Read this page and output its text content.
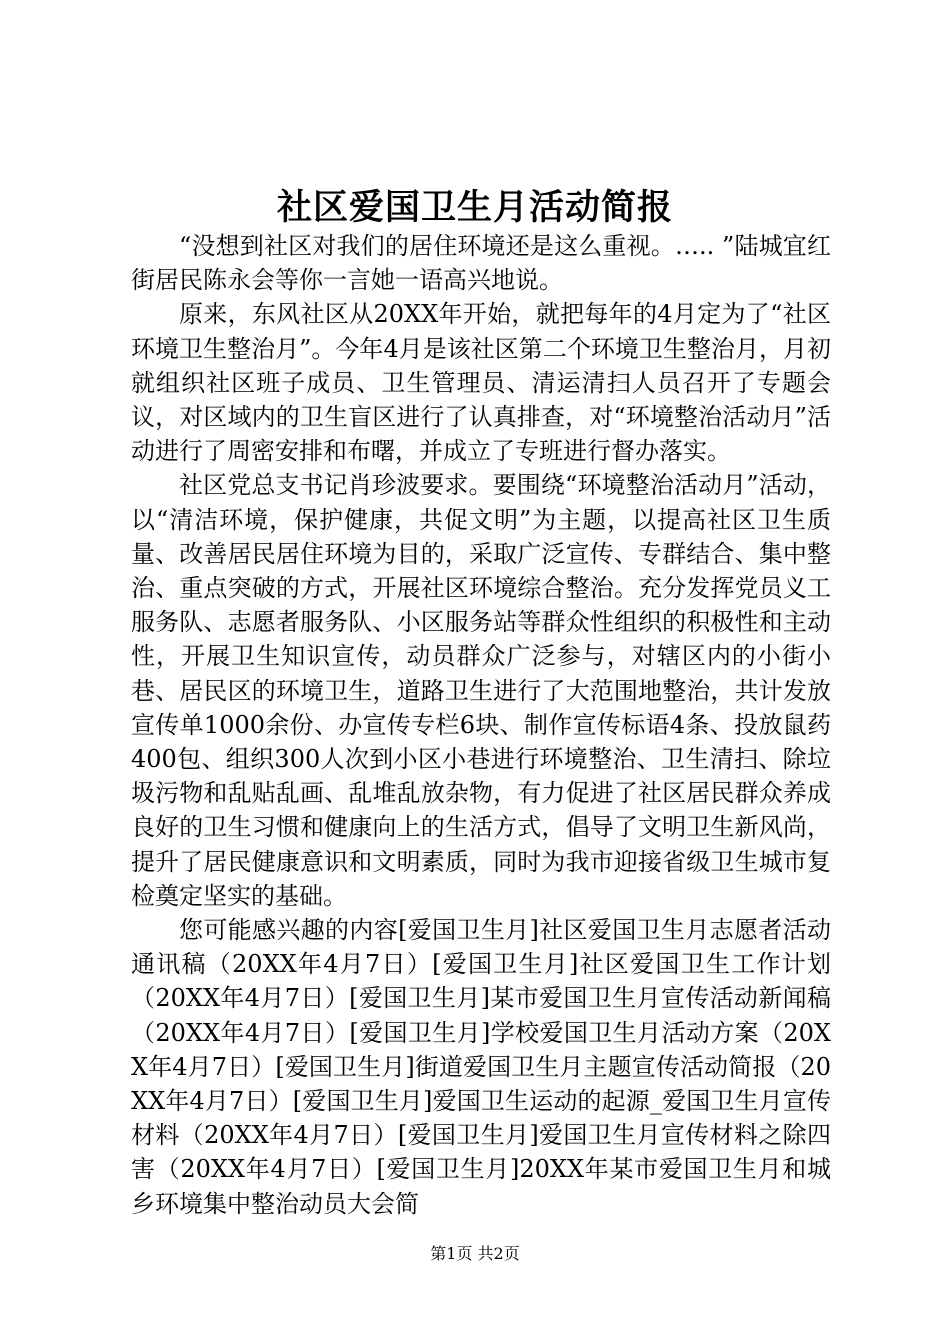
社区爱国卫生月活动简报

“没想到社区对我们的居住环境还是这么重视。….. ”陆城宜红街居民陈永会等你一言她一语高兴地说。

原来，东风社区从20XX年开始，就把每年的4月定为了“社区环境卫生整治月”。今年4月是该社区第二个环境卫生整治月，月初就组织社区班子成员、卫生管理员、清运清扫人员召开了专题会议，对区域内的卫生盲区进行了认真排查，对“环境整治活动月”活动进行了周密安排和布曙，并成立了专班进行督办落实。

社区党总支书记肖珍波要求。要围绕“环境整治活动月”活动，以“清洁环境，保护健康，共促文明”为主题，以提高社区卫生质量、改善居民居住环境为目的，采取广泛宣传、专群结合、集中整治、重点突破的方式，开展社区环境综合整治。充分发挥党员义工服务队、志愿者服务队、小区服务站等群众性组织的积极性和主动性，开展卫生知识宣传，动员群众广泛参与，对辖区内的小街小巷、居民区的环境卫生，道路卫生进行了大范围地整治，共计发放宣传单1000余份、办宣传专栏6块、制作宣传标语4条、投放鼠药400包、组织300人次到小区小巷进行环境整治、卫生清扫、除垃圾污物和乱贴乱画、乱堆乱放杂物，有力促进了社区居民群众养成良好的卫生习惯和健康向上的生活方式，倡导了文明卫生新风尚，提升了居民健康意识和文明素质，同时为我市迎接省级卫生城市复检奠定坚实的基础。

您可能感兴趣的内容[爱国卫生月]社区爱国卫生月志愿者活动通讯稿（20XX年4月7日）[爱国卫生月]社区爱国卫生工作计划（20XX年4月7日）[爱国卫生月]某市爱国卫生月宣传活动新闻稿（20XX年4月7日）[爱国卫生月]学校爱国卫生月活动方案（20XX年4月7日）[爱国卫生月]街道爱国卫生月主题宣传活动简报（20XX年4月7日）[爱国卫生月]爱国卫生运动的起源_爱国卫生月宣传材料（20XX年4月7日）[爱国卫生月]爱国卫生月宣传材料之除四害（20XX年4月7日）[爱国卫生月]20XX年某市爱国卫生月和城乡环境集中整治动员大会简

第1页 共2页
